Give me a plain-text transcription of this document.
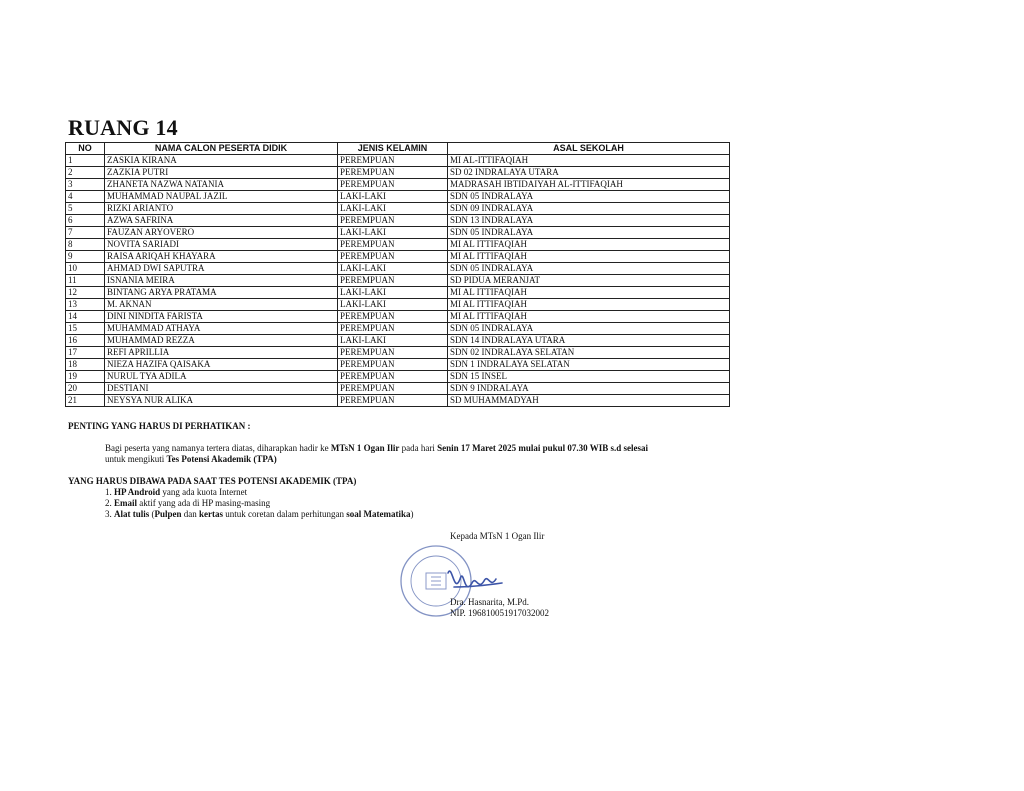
RUANG 14
NO	NAMA CALON PESERTA DIDIK	JENIS KELAMIN	ASAL SEKOLAH
1	ZASKIA KIRANA	PEREMPUAN	MI AL-ITTIFAQIAH
2	ZAZKIA PUTRI	PEREMPUAN	SD 02 INDRALAYA UTARA
3	ZHANETA NAZWA NATANIA	PEREMPUAN	MADRASAH IBTIDAIYAH AL-ITTIFAQIAH
4	MUHAMMAD NAUPAL JAZIL	LAKI-LAKI	SDN 05 INDRALAYA
5	RIZKI ARIANTO	LAKI-LAKI	SDN 09 INDRALAYA
6	AZWA SAFRINA	PEREMPUAN	SDN 13 INDRALAYA
7	FAUZAN ARYOVERO	LAKI-LAKI	SDN 05 INDRALAYA
8	NOVITA SARIADI	PEREMPUAN	MI AL ITTIFAQIAH
9	RAISA ARIQAH KHAYARA	PEREMPUAN	MI AL ITTIFAQIAH
10	AHMAD DWI SAPUTRA	LAKI-LAKI	SDN 05 INDRALAYA
11	ISNANIA MEIRA	PEREMPUAN	SD PIDUA MERANJAT
12	BINTANG ARYA PRATAMA	LAKI-LAKI	MI AL ITTIFAQIAH
13	M. AKNAN	LAKI-LAKI	MI AL ITTIFAQIAH
14	DINI NINDITA FARISTA	PEREMPUAN	MI AL ITTIFAQIAH
15	MUHAMMAD ATHAYA	PEREMPUAN	SDN 05 INDRALAYA
16	MUHAMMAD REZZA	LAKI-LAKI	SDN 14 INDRALAYA UTARA
17	REFI APRILLIA	PEREMPUAN	SDN 02 INDRALAYA SELATAN
18	NIEZA HAZIFA QAISAKA	PEREMPUAN	SDN 1 INDRALAYA SELATAN
19	NURUL TYA ADILA	PEREMPUAN	SDN 15 INSEL
20	DESTIANI	PEREMPUAN	SDN 9 INDRALAYA
21	NEYSYA NUR ALIKA	PEREMPUAN	SD MUHAMMADYAH
PENTING YANG HARUS DI PERHATIKAN :
Bagi peserta yang namanya tertera diatas, diharapkan hadir ke MTsN 1 Ogan Ilir pada hari Senin 17 Maret 2025 mulai pukul 07.30 WIB s.d selesai
untuk mengikuti Tes Potensi Akademik (TPA)
YANG HARUS DIBAWA PADA SAAT TES POTENSI AKADEMIK (TPA)
1. HP Android yang ada kuota Internet
2. Email aktif yang ada di HP masing-masing
3. Alat tulis (Pulpen dan kertas untuk coretan dalam perhitungan soal Matematika)
Kepada MTsN 1 Ogan Ilir
Dra. Hasnarita, M.Pd.
NIP. 196810051917032002
